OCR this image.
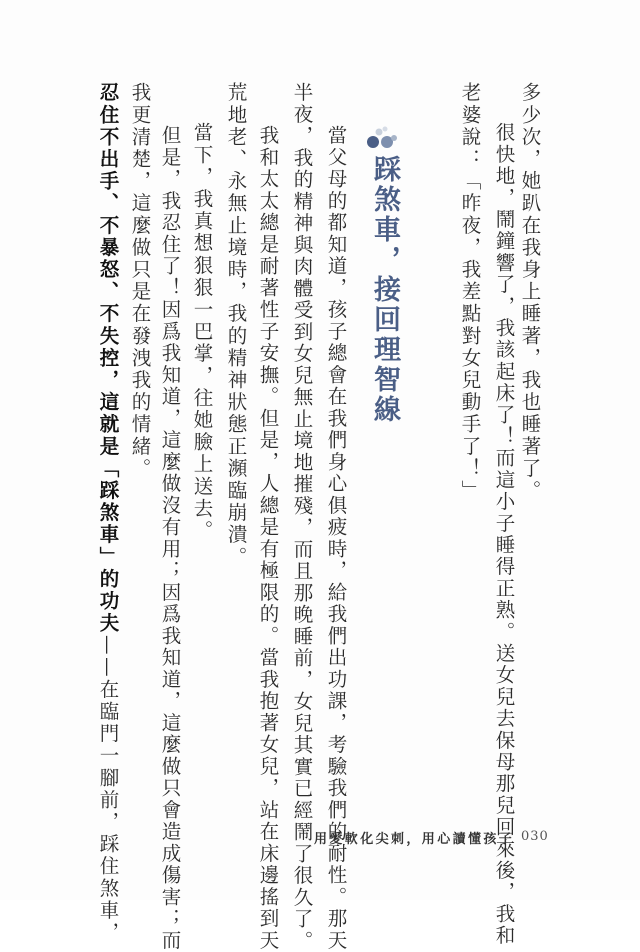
多少次，她趴在我身上睡著，我也睡著了。
很快地，鬧鐘響了，我該起床了！而這小子睡得正熟。送女兒去保母那兒回來後，我和
老婆說：「昨夜，我差點對女兒動手了！」
踩煞車，接回理智線
當父母的都知道，孩子總會在我們身心俱疲時，給我們出功課，考驗我們的耐性。那天
半夜，我的精神與肉體受到女兒無止境地摧殘，而且那晚睡前，女兒其實已經鬧了很久了。
我和太太總是耐著性子安撫。但是，人總是有極限的。當我抱著女兒，站在床邊搖到天
荒地老、永無止境時，我的精神狀態正瀕臨崩潰。
當下，我真想狠狠一巴掌，往她臉上送去。
但是，我忍住了！因爲我知道，這麼做沒有用；因爲我知道，這麼做只會造成傷害；而
我更清楚，這麼做只是在發洩我的情緒。
忍住不出手、不暴怒、不失控，這就是「踩煞車」的功夫——在臨門一腳前，踩住煞車，	用愛軟化尖刺，用心讀懂孩子 030
